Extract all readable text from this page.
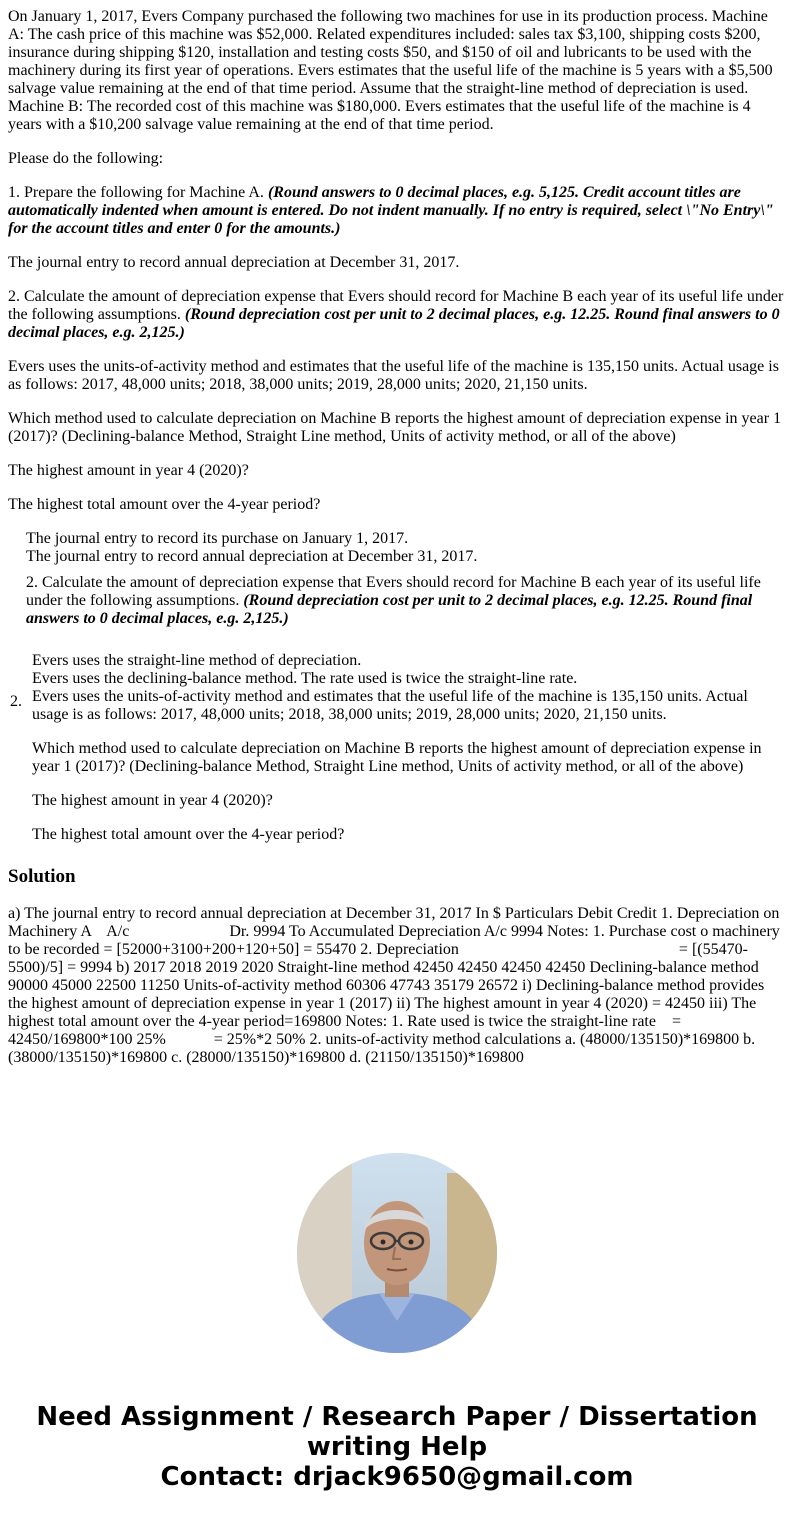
On January 1, 2017, Evers Company purchased the following two machines for use in its production process. Machine A: The cash price of this machine was $52,000. Related expenditures included: sales tax $3,100, shipping costs $200, insurance during shipping $120, installation and testing costs $50, and $150 of oil and lubricants to be used with the machinery during its first year of operations. Evers estimates that the useful life of the machine is 5 years with a $5,500 salvage value remaining at the end of that time period. Assume that the straight-line method of depreciation is used. Machine B: The recorded cost of this machine was $180,000. Evers estimates that the useful life of the machine is 4 years with a $10,200 salvage value remaining at the end of that time period.

Please do the following:

1. Prepare the following for Machine A. (Round answers to 0 decimal places, e.g. 5,125. Credit account titles are automatically indented when amount is entered. Do not indent manually. If no entry is required, select \"No Entry\" for the account titles and enter 0 for the amounts.)

The journal entry to record annual depreciation at December 31, 2017.

2. Calculate the amount of depreciation expense that Evers should record for Machine B each year of its useful life under the following assumptions. (Round depreciation cost per unit to 2 decimal places, e.g. 12.25. Round final answers to 0 decimal places, e.g. 2,125.)

Evers uses the units-of-activity method and estimates that the useful life of the machine is 135,150 units. Actual usage is as follows: 2017, 48,000 units; 2018, 38,000 units; 2019, 28,000 units; 2020, 21,150 units.

Which method used to calculate depreciation on Machine B reports the highest amount of depreciation expense in year 1 (2017)? (Declining-balance Method, Straight Line method, Units of activity method, or all of the above)

The highest amount in year 4 (2020)?

The highest total amount over the 4-year period?

The journal entry to record its purchase on January 1, 2017.

The journal entry to record annual depreciation at December 31, 2017.

2. Calculate the amount of depreciation expense that Evers should record for Machine B each year of its useful life under the following assumptions. (Round depreciation cost per unit to 2 decimal places, e.g. 12.25. Round final answers to 0 decimal places, e.g. 2,125.)

2.

Evers uses the straight-line method of depreciation.

Evers uses the declining-balance method. The rate used is twice the straight-line rate.

Evers uses the units-of-activity method and estimates that the useful life of the machine is 135,150 units. Actual usage is as follows: 2017, 48,000 units; 2018, 38,000 units; 2019, 28,000 units; 2020, 21,150 units.

Which method used to calculate depreciation on Machine B reports the highest amount of depreciation expense in year 1 (2017)? (Declining-balance Method, Straight Line method, Units of activity method, or all of the above)

The highest amount in year 4 (2020)?

The highest total amount over the 4-year period?

Solution

a) The journal entry to record annual depreciation at December 31, 2017 In $ Particulars Debit Credit 1. Depreciation on Machinery A    A/c                         Dr. 9994 To Accumulated Depreciation A/c 9994 Notes: 1. Purchase cost o machinery to be recorded = [52000+3100+200+120+50] = 55470 2. Depreciation                                                       = [(55470-5500)/5] = 9994 b) 2017 2018 2019 2020 Straight-line method 42450 42450 42450 42450 Declining-balance method 90000 45000 22500 11250 Units-of-activity method 60306 47743 35179 26572 i) Declining-balance method provides the highest amount of depreciation expense in year 1 (2017) ii) The highest amount in year 4 (2020) = 42450 iii) The highest total amount over the 4-year period=169800 Notes: 1. Rate used is twice the straight-line rate    = 42450/169800*100 25%            = 25%*2 50% 2. units-of-activity method calculations a. (48000/135150)*169800 b. (38000/135150)*169800 c. (28000/135150)*169800 d. (21150/135150)*169800

Need Assignment / Research Paper / Dissertation
writing Help
Contact: drjack9650@gmail.com
